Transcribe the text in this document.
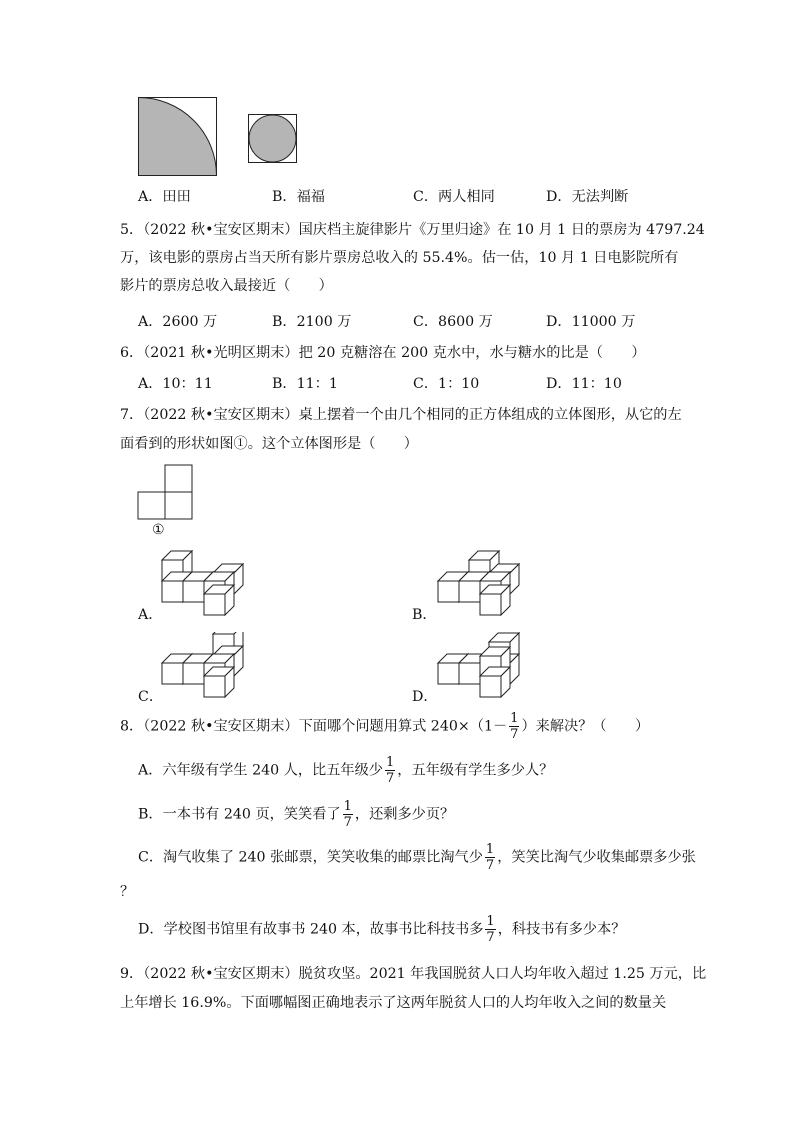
A．田田	B．福福	C．两人相同	D．无法判断
5．（2022 秋•宝安区期末）国庆档主旋律影片《万里归途》在 10 月 1 日的票房为 4797.24
万，该电影的票房占当天所有影片票房总收入的 55.4%。估一估，10 月 1 日电影院所有
影片的票房总收入最接近（　　）
A．2600 万	B．2100 万	C．8600 万	D．11000 万
6．（2021 秋•光明区期末）把 20 克糖溶在 200 克水中，水与糖水的比是（　　）
A．10：11	B．11：1	C．1：10	D．11：10
7．（2022 秋•宝安区期末）桌上摆着一个由几个相同的正方体组成的立体图形，从它的左
面看到的形状如图①。这个立体图形是（　　）
①
A．	B．
C．	D．
8．（2022 秋•宝安区期末）下面哪个问题用算式 $240\times(1- \frac{1}{7}$ ）来解决？（　　）
A．六年级有学生 240 人，比五年级少 $\frac{1}{7}$ ，五年级有学生多少人？
B．一本书有 240 页，笑笑看了 $\frac{1}{7}$ ，还剩多少页？
C．淘气收集了 240 张邮票，笑笑收集的邮票比淘气少 $\frac{1}{7}$ ，笑笑比淘气少收集邮票多少张
？
D．学校图书馆里有故事书 240 本，故事书比科技书多 $\frac{1}{7}$ ，科技书有多少本？
9．（2022 秋•宝安区期末）脱贫攻坚。2021 年我国脱贫人口人均年收入超过 1.25 万元，比
上年增长 16.9%。下面哪幅图正确地表示了这两年脱贫人口的人均年收入之间的数量关
